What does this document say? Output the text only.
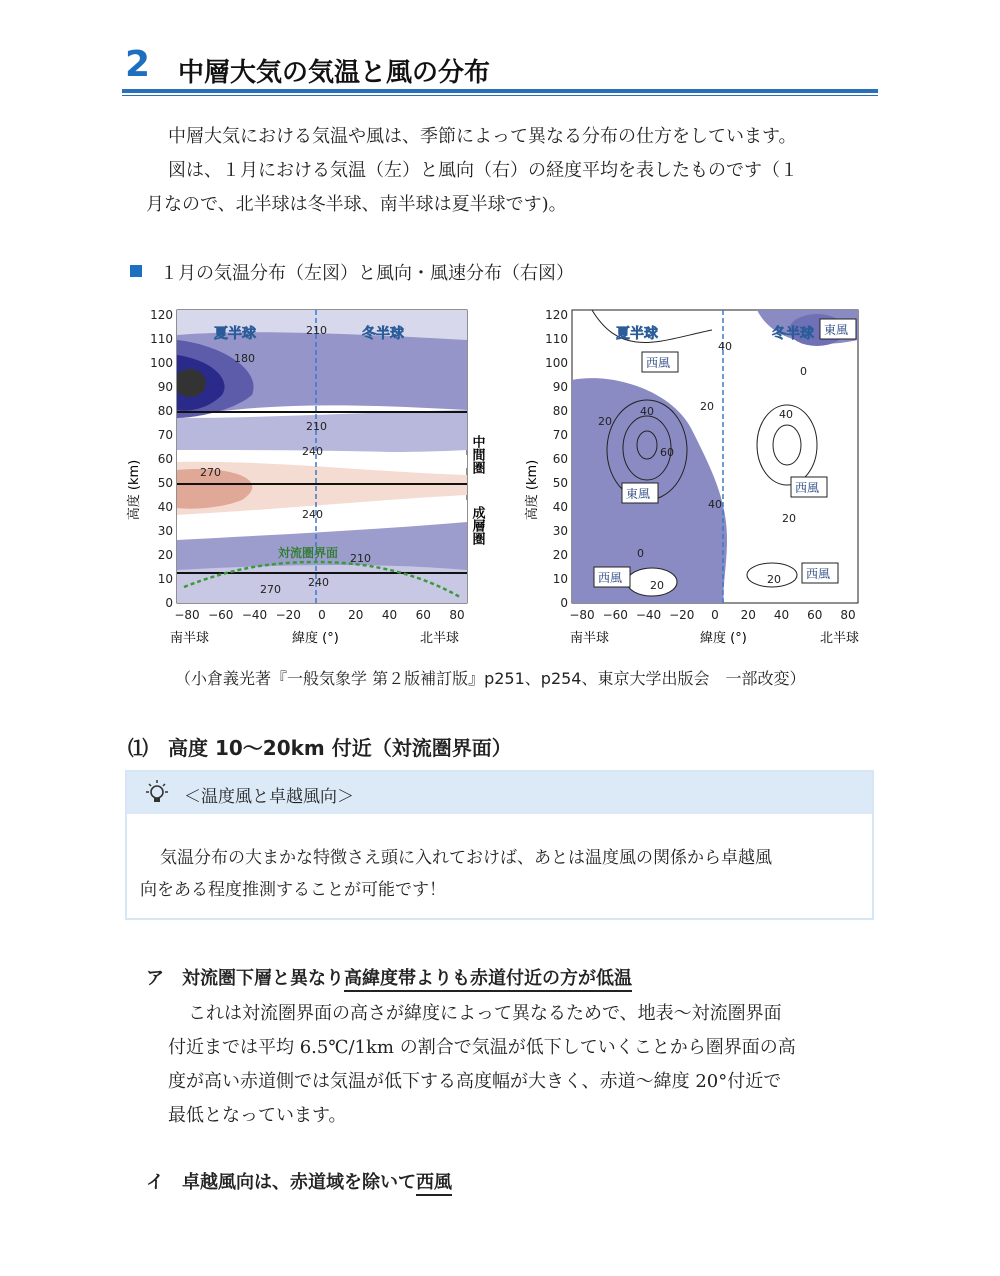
2 中層大気の気温と風の分布
中層大気における気温や風は、季節によって異なる分布の仕方をしています。
図は、１月における気温（左）と風向（右）の経度平均を表したものです（１
月なので、北半球は冬半球、南半球は夏半球です)。
１月の気温分布（左図）と風向・風速分布（右図）
夏半球	冬半球
対流圏界面
210
180
210
240
270
240
210
270
240
120
110
100
90
80
70
60
50
40
30
20
10
0
−80 −60 −40 −20 0 20 40 60 80
高度 (km)
南半球	緯度 (°)	北半球
中間圏
成層圏
夏半球	冬半球 東風
西風
東風	西風
西風	西風
20
40
60
40
20
0
40
40
20
0
20	20
120
110
100
90
80
70
60
50
40
30
20
10
0
−80 −60 −40 −20 0 20 40 60 80
高度 (km)
南半球	緯度 (°)	北半球
（小倉義光著『一般気象学 第２版補訂版』p251、p254、東京大学出版会　一部改変）
⑴　高度 10〜20km 付近（対流圏界面）
＜温度風と卓越風向＞
気温分布の大まかな特徴さえ頭に入れておけば、あとは温度風の関係から卓越風
向をある程度推測することが可能です！
ア　対流圏下層と異なり高緯度帯よりも赤道付近の方が低温
これは対流圏界面の高さが緯度によって異なるためで、地表〜対流圏界面
付近までは平均 6.5℃/1km の割合で気温が低下していくことから圏界面の高
度が高い赤道側では気温が低下する高度幅が大きく、赤道〜緯度 20°付近で
最低となっています。
イ　卓越風向は、赤道域を除いて西風
